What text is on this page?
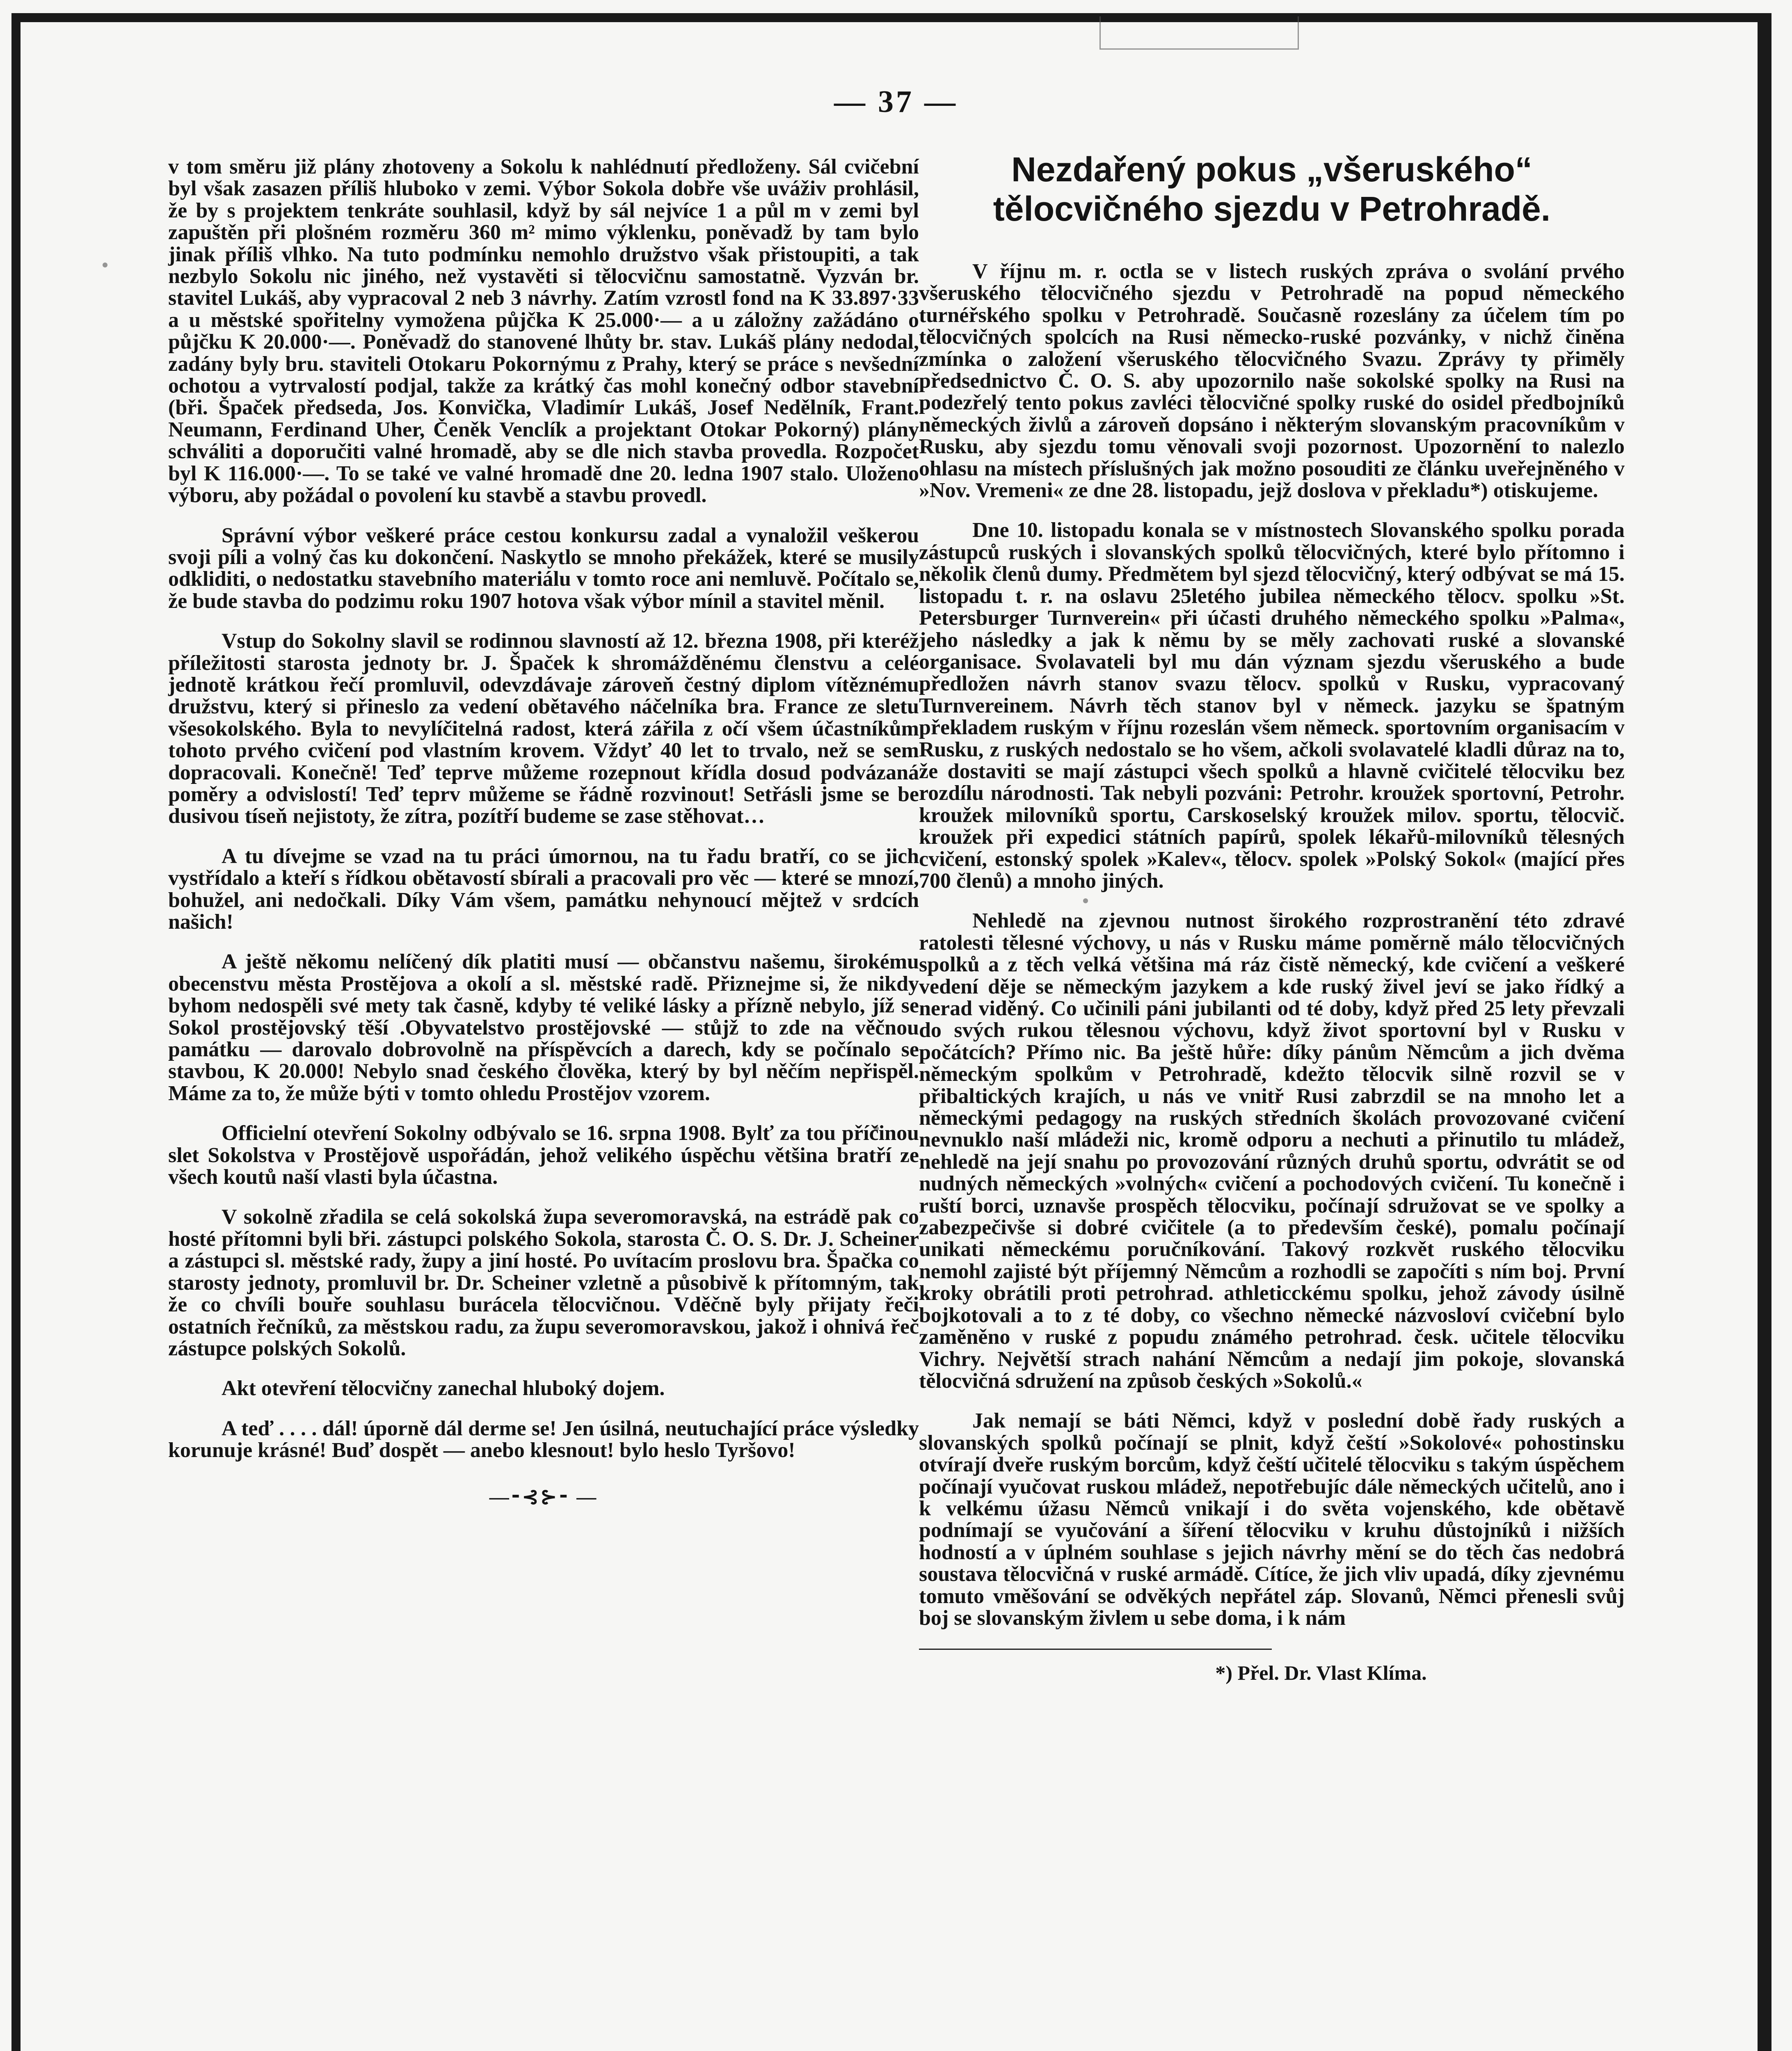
— 37 —

v tom směru již plány zhotoveny a Sokolu k nahlédnutí předloženy. Sál cvičební byl však zasazen příliš hluboko v zemi. Výbor Sokola dobře vše uváživ prohlásil, že by s projektem tenkráte souhlasil, když by sál nejvíce 1 a půl m v zemi byl zapuštěn při plošném rozměru 360 m² mimo výklenku, poněvadž by tam bylo jinak příliš vlhko. Na tuto podmínku nemohlo družstvo však přistoupiti, a tak nezbylo Sokolu nic jiného, než vystavěti si tělocvičnu samostatně. Vyzván br. stavitel Lukáš, aby vypracoval 2 neb 3 návrhy. Zatím vzrostl fond na K 33.897·33 a u městské spořitelny vymožena půjčka K 25.000·— a u záložny zažádáno o půjčku K 20.000·—. Poněvadž do stanovené lhůty br. stav. Lukáš plány nedodal, zadány byly bru. staviteli Otokaru Pokornýmu z Prahy, který se práce s nevšední ochotou a vytrvalostí podjal, takže za krátký čas mohl konečný odbor stavební (bři. Špaček předseda, Jos. Konvička, Vladimír Lukáš, Josef Nedělník, Frant. Neumann, Ferdinand Uher, Čeněk Venclík a projektant Otokar Pokorný) plány schváliti a doporučiti valné hromadě, aby se dle nich stavba provedla. Rozpočet byl K 116.000·—. To se také ve valné hromadě dne 20. ledna 1907 stalo. Uloženo výboru, aby požádal o povolení ku stavbě a stavbu provedl.

Správní výbor veškeré práce cestou konkursu zadal a vynaložil veškerou svoji píli a volný čas ku dokončení. Naskytlo se mnoho překážek, které se musily odkliditi, o nedostatku stavebního materiálu v tomto roce ani nemluvě. Počítalo se, že bude stavba do podzimu roku 1907 hotova však výbor mínil a stavitel měnil.

Vstup do Sokolny slavil se rodinnou slavností až 12. března 1908, při kteréž příležitosti starosta jednoty br. J. Špaček k shromážděnému členstvu a celé jednotě krátkou řečí promluvil, odevzdávaje zároveň čestný diplom vítěznému družstvu, který si přineslo za vedení obětavého náčelníka bra. France ze sletu všesokolského. Byla to nevylíčitelná radost, která zářila z očí všem účastníkům tohoto prvého cvičení pod vlastním krovem. Vždyť 40 let to trvalo, než se sem dopracovali. Konečně! Teď teprve můžeme rozepnout křídla dosud podvázaná poměry a odvislostí! Teď teprv můžeme se řádně rozvinout! Setřásli jsme se be dusivou tíseň nejistoty, že zítra, pozítří budeme se zase stěhovat…

A tu dívejme se vzad na tu práci úmornou, na tu řadu bratří, co se jich vystřídalo a kteří s řídkou obětavostí sbírali a pracovali pro věc — které se mnozí, bohužel, ani nedočkali. Díky Vám všem, památku nehynoucí mějtež v srdcích našich!

A ještě někomu nelíčený dík platiti musí — občanstvu našemu, širokému obecenstvu města Prostějova a okolí a sl. městské radě. Přiznejme si, že nikdy byhom nedospěli své mety tak časně, kdyby té veliké lásky a přízně nebylo, jíž se Sokol prostějovský těší .Obyvatelstvo prostějovské — stůjž to zde na věčnou památku — darovalo dobrovolně na příspěvcích a darech, kdy se počínalo se stavbou, K 20.000! Nebylo snad českého člověka, který by byl něčím nepřispěl. Máme za to, že může býti v tomto ohledu Prostějov vzorem.

Officielní otevření Sokolny odbývalo se 16. srpna 1908. Bylť za tou příčinou slet Sokolstva v Prostějově uspořádán, jehož velikého úspěchu většina bratří ze všech koutů naší vlasti byla účastna.

V sokolně zřadila se celá sokolská župa severomoravská, na estrádě pak co hosté přítomni byli bři. zástupci polského Sokola, starosta Č. O. S. Dr. J. Scheiner a zástupci sl. městské rady, župy a jiní hosté. Po uvítacím proslovu bra. Špačka co starosty jednoty, promluvil br. Dr. Scheiner vzletně a působivě k přítomným, tak že co chvíli bouře souhlasu burácela tělocvičnou. Vděčně byly přijaty řeči ostatních řečníků, za městskou radu, za župu severomoravskou, jakož i ohnivá řeč zástupce polských Sokolů.

Akt otevření tělocvičny zanechal hluboký dojem.

A teď . . . . dál! úporně dál derme se! Jen úsilná, neutuchající práce výsledky korunuje krásné! Buď dospět — anebo klesnout! bylo heslo Tyršovo!

—⁃⊰⊱⁃ —
Nezdařený pokus „všeruského“ tělocvičného sjezdu v Petrohradě.

V říjnu m. r. octla se v listech ruských zpráva o svolání prvého všeruského tělocvičného sjezdu v Petrohradě na popud německého turnéřského spolku v Petrohradě. Současně rozeslány za účelem tím po tělocvičných spolcích na Rusi německo-ruské pozvánky, v nichž činěna zmínka o založení všeruského tělocvičného Svazu. Zprávy ty přiměly předsednictvo Č. O. S. aby upozornilo naše sokolské spolky na Rusi na podezřelý tento pokus zavléci tělocvičné spolky ruské do osidel předbojníků německých živlů a zároveň dopsáno i některým slovanským pracovníkům v Rusku, aby sjezdu tomu věnovali svoji pozornost. Upozornění to nalezlo ohlasu na místech příslušných jak možno posouditi ze článku uveřejněného v »Nov. Vremeni« ze dne 28. listopadu, jejž doslova v překladu*) otiskujeme.

Dne 10. listopadu konala se v místnostech Slovanského spolku porada zástupců ruských i slovanských spolků tělocvičných, které bylo přítomno i několik členů dumy. Předmětem byl sjezd tělocvičný, který odbývat se má 15. listopadu t. r. na oslavu 25letého jubilea německého tělocv. spolku »St. Petersburger Turnverein« při účasti druhého německého spolku »Palma«, jeho následky a jak k němu by se měly zachovati ruské a slovanské organisace. Svolavateli byl mu dán význam sjezdu všeruského a bude předložen návrh stanov svazu tělocv. spolků v Rusku, vypracovaný Turnvereinem. Návrh těch stanov byl v německ. jazyku se špatným překladem ruským v říjnu rozeslán všem německ. sportovním organisacím v Rusku, z ruských nedostalo se ho všem, ačkoli svolavatelé kladli důraz na to, že dostaviti se mají zástupci všech spolků a hlavně cvičitelé tělocviku bez rozdílu národnosti. Tak nebyli pozváni: Petrohr. kroužek sportovní, Petrohr. kroužek milovníků sportu, Carskoselský kroužek milov. sportu, tělocvič. kroužek při expedici státních papírů, spolek lékařů-milovníků tělesných cvičení, estonský spolek »Kalev«, tělocv. spolek »Polský Sokol« (mající přes 700 členů) a mnoho jiných.

Nehledě na zjevnou nutnost širokého rozprostranění této zdravé ratolesti tělesné výchovy, u nás v Rusku máme poměrně málo tělocvičných spolků a z těch velká většina má ráz čistě německý, kde cvičení a veškeré vedení děje se německým jazykem a kde ruský živel jeví se jako řídký a nerad viděný. Co učinili páni jubilanti od té doby, když před 25 lety převzali do svých rukou tělesnou výchovu, když život sportovní byl v Rusku v počátcích? Přímo nic. Ba ještě hůře: díky pánům Němcům a jich dvěma německým spolkům v Petrohradě, kdežto tělocvik silně rozvil se v přibaltických krajích, u nás ve vnitř Rusi zabrzdil se na mnoho let a německými pedagogy na ruských středních školách provozované cvičení nevnuklo naší mládeži nic, kromě odporu a nechuti a přinutilo tu mládež, nehledě na její snahu po provozování různých druhů sportu, odvrátit se od nudných německých »volných« cvičení a pochodových cvičení. Tu konečně i ruští borci, uznavše prospěch tělocviku, počínají sdružovat se ve spolky a zabezpečivše si dobré cvičitele (a to především české), pomalu počínají unikati německému poručníkování. Takový rozkvět ruského tělocviku nemohl zajisté být příjemný Němcům a rozhodli se započíti s ním boj. První kroky obrátili proti petrohrad. athleticckému spolku, jehož závody úsilně bojkotovali a to z té doby, co všechno německé názvosloví cvičební bylo zaměněno v ruské z popudu známého petrohrad. česk. učitele tělocviku Vichry. Největší strach nahání Němcům a nedají jim pokoje, slovanská tělocvičná sdružení na způsob českých »Sokolů.«

Jak nemají se báti Němci, když v poslední době řady ruských a slovanských spolků počínají se plnit, když čeští »Sokolové« pohostinsku otvírají dveře ruským borcům, když čeští učitelé tělocviku s takým úspěchem počínají vyučovat ruskou mládež, nepotřebujíc dále německých učitelů, ano i k velkému úžasu Němců vnikají i do světa vojenského, kde obětavě podnímají se vyučování a šíření tělocviku v kruhu důstojníků i nižších hodností a v úplném souhlase s jejich návrhy mění se do těch čas nedobrá soustava tělocvičná v ruské armádě. Cítíce, že jich vliv upadá, díky zjevnému tomuto vměšování se odvěkých nepřátel záp. Slovanů, Němci přenesli svůj boj se slovanským živlem u sebe doma, i k nám

*) Přel. Dr. Vlast Klíma.
